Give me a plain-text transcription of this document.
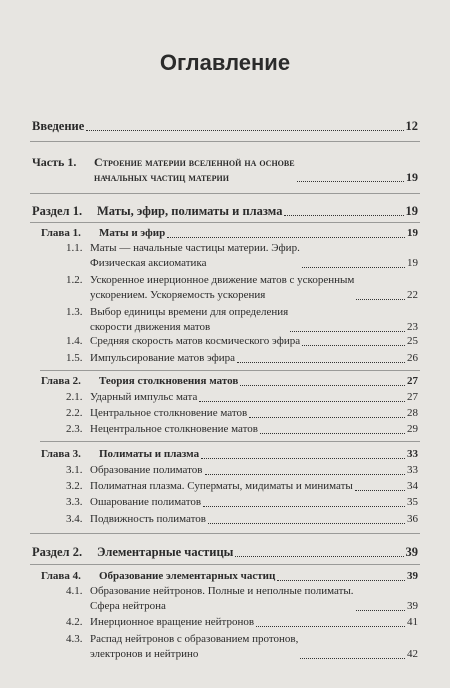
Оглавление
Введение	12
Часть 1.	Строение материи вселенной на основе
начальных частиц материи	19
Раздел 1. Маты, эфир, полиматы и плазма	19
Глава 1. Маты и эфир	19
1.1. Маты — начальные частицы материи. Эфир.
Физическая аксиоматика	19
1.2. Ускоренное инерционное движение матов с ускоренным
ускорением. Ускоряемость ускорения	22
1.3. Выбор единицы времени для определения
скорости движения матов	23
1.4. Средняя скорость матов космического эфира	25
1.5. Импульсирование матов эфира	26
Глава 2. Теория столкновения матов	27
2.1. Ударный импульс мата	27
2.2. Центральное столкновение матов	28
2.3. Нецентральное столкновение матов	29
Глава 3. Полиматы и плазма	33
3.1. Образование полиматов	33
3.2. Полиматная плазма. Суперматы, мидиматы и миниматы	34
3.3. Ошарование полиматов	35
3.4. Подвижность полиматов	36
Раздел 2. Элементарные частицы	39
Глава 4. Образование элементарных частиц	39
4.1. Образование нейтронов. Полные и неполные полиматы.
Сфера нейтрона	39
4.2. Инерционное вращение нейтронов	41
4.3. Распад нейтронов с образованием протонов,
электронов и нейтрино	42
